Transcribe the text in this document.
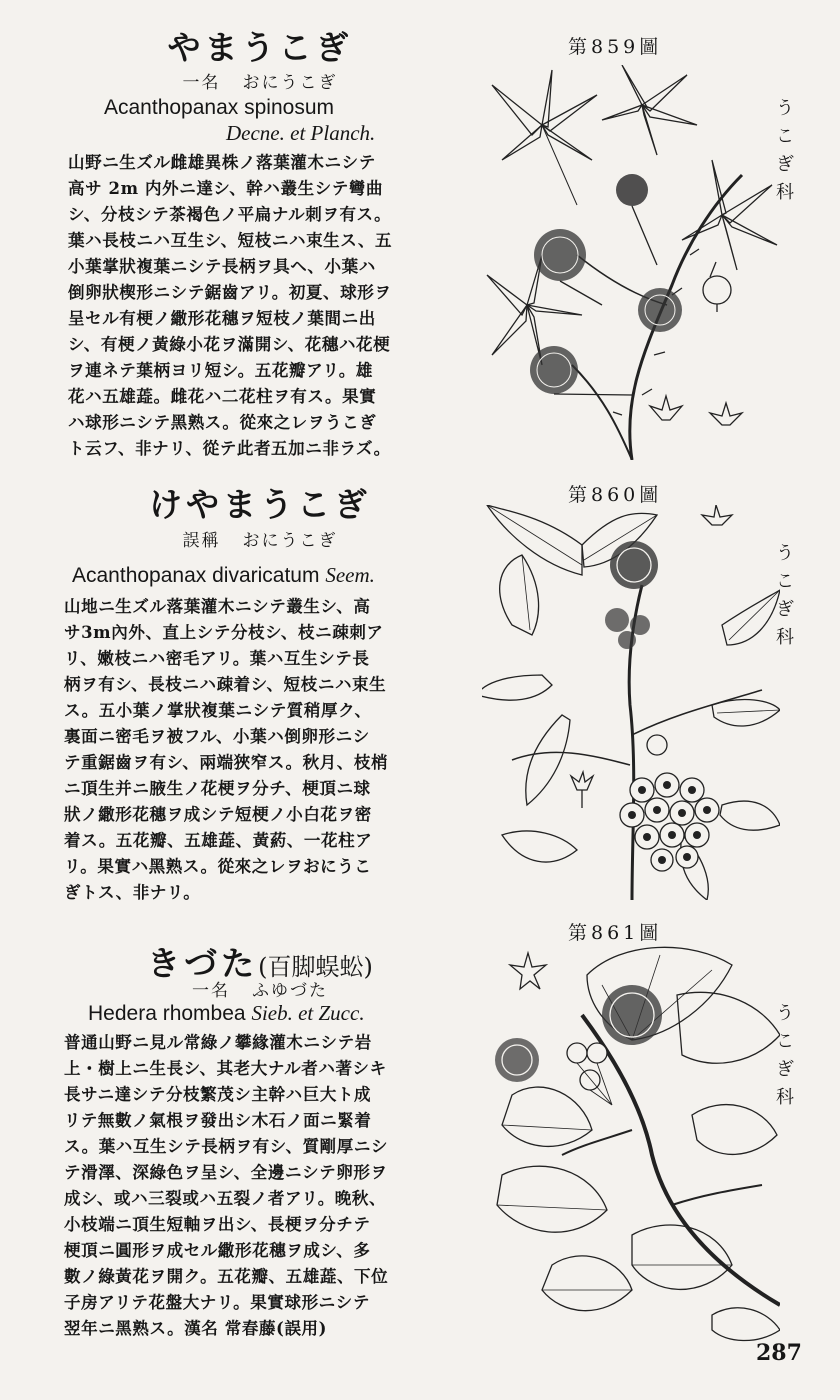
第859圖
やまうこぎ
一名 おにうこぎ
Acanthopanax spinosum
Decne. et Planch.
山野ニ生ズル雌雄異株ノ落葉灌木ニシテ
高サ 2m 内外ニ達シ、幹ハ叢生シテ彎曲
シ、分枝シテ茶褐色ノ平扁ナル刺ヲ有ス。
葉ハ長枝ニハ互生シ、短枝ニハ束生ス、五
小葉掌狀複葉ニシテ長柄ヲ具ヘ、小葉ハ
倒卵狀楔形ニシテ鋸齒アリ。初夏、球形ヲ
呈セル有梗ノ繖形花穗ヲ短枝ノ葉間ニ出
シ、有梗ノ黃綠小花ヲ滿開シ、花穗ハ花梗
ヲ連ネテ葉柄ヨリ短シ。五花瓣アリ。雄
花ハ五雄蕋。雌花ハ二花柱ヲ有ス。果實
ハ球形ニシテ黑熟ス。從來之レヲうこぎ
ト云フ、非ナリ、從テ此者五加ニ非ラズ。
う
こ
ぎ
科
第860圖
けやまうこぎ
誤稱 おにうこぎ
Acanthopanax divaricatum Seem.
山地ニ生ズル落葉灌木ニシテ叢生シ、高
サ3m內外、直上シテ分枝シ、枝ニ疎刺ア
リ、嫩枝ニハ密毛アリ。葉ハ互生シテ長
柄ヲ有シ、長枝ニハ疎着シ、短枝ニハ束生
ス。五小葉ノ掌狀複葉ニシテ質稍厚ク、
裏面ニ密毛ヲ被フル、小葉ハ倒卵形ニシ
テ重鋸齒ヲ有シ、兩端狹窄ス。秋月、枝梢
ニ頂生并ニ腋生ノ花梗ヲ分チ、梗頂ニ球
狀ノ繖形花穗ヲ成シテ短梗ノ小白花ヲ密
着ス。五花瓣、五雄蕋、黃葯、一花柱ア
リ。果實ハ黑熟ス。從來之レヲおにうこ
ぎトス、非ナリ。
う
こ
ぎ
科
第861圖
きづた(百脚蜈蚣)
一名 ふゆづた
Hedera rhombea Sieb. et Zucc.
普通山野ニ見ル常綠ノ攀緣灌木ニシテ岩
上・樹上ニ生長シ、其老大ナル者ハ著シキ
長サニ達シテ分枝繁茂シ主幹ハ巨大ト成
リテ無數ノ氣根ヲ發出シ木石ノ面ニ緊着
ス。葉ハ互生シテ長柄ヲ有シ、質剛厚ニシ
テ滑澤、深綠色ヲ呈シ、全邊ニシテ卵形ヲ
成シ、或ハ三裂或ハ五裂ノ者アリ。晚秋、
小枝端ニ頂生短軸ヲ出シ、長梗ヲ分チテ
梗頂ニ圓形ヲ成セル繖形花穗ヲ成シ、多
數ノ綠黃花ヲ開ク。五花瓣、五雄蕋、下位
子房アリテ花盤大ナリ。果實球形ニシテ
翌年ニ黑熟ス。漢名 常春藤(誤用)
う
こ
ぎ
科
287
